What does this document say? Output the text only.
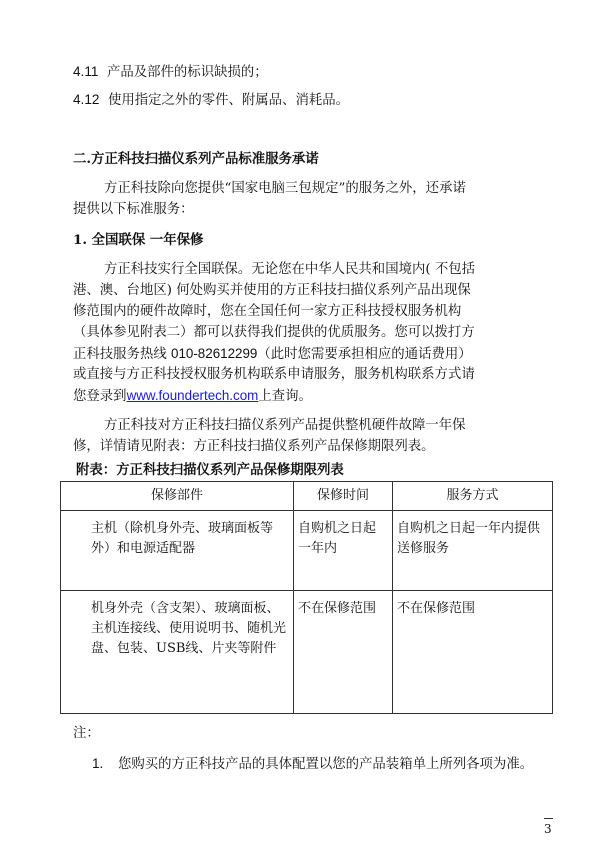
4.11 产品及部件的标识缺损的；
4.12 使用指定之外的零件、附属品、消耗品。
二.方正科技扫描仪系列产品标准服务承诺
方正科技除向您提供“国家电脑三包规定”的服务之外，还承诺
提供以下标准服务：
1. 全国联保 一年保修
方正科技实行全国联保。无论您在中华人民共和国境内( 不包括
港、澳、台地区) 何处购买并使用的方正科技扫描仪系列产品出现保
修范围内的硬件故障时，您在全国任何一家方正科技授权服务机构
（具体参见附表二）都可以获得我们提供的优质服务。您可以拨打方
正科技服务热线 010-82612299（此时您需要承担相应的通话费用）
或直接与方正科技授权服务机构联系申请服务，服务机构联系方式请
您登录到www.foundertech.com上查询。
方正科技对方正科技扫描仪系列产品提供整机硬件故障一年保
修，详情请见附表：方正科技扫描仪系列产品保修期限列表。
附表：方正科技扫描仪系列产品保修期限列表
保修部件	保修时间	服务方式
主机（除机身外壳、玻璃面板等外）和电源适配器	自购机之日起一年内	自购机之日起一年内提供送修服务
机身外壳（含支架）、玻璃面板、主机连接线、使用说明书、随机光盘、包装、USB线、片夹等附件	不在保修范围	不在保修范围
注：
1. 您购买的方正科技产品的具体配置以您的产品装箱单上所列各项为准。
3
